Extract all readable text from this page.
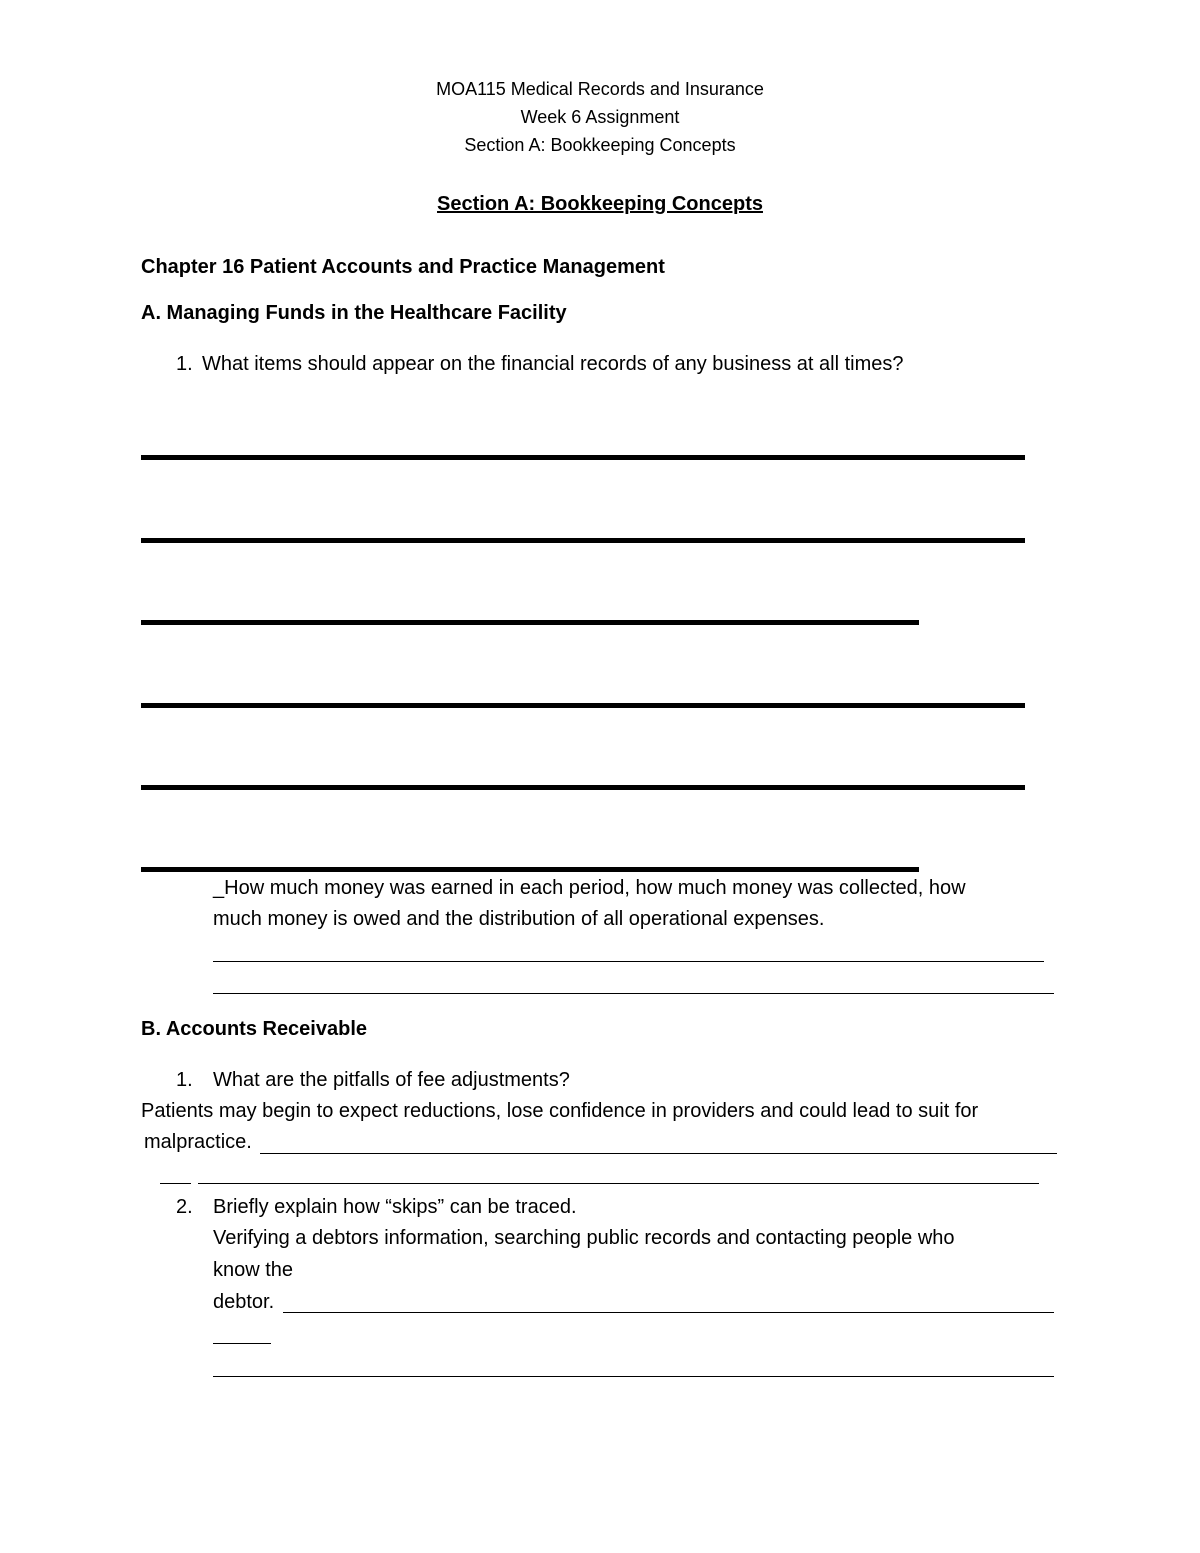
MOA115 Medical Records and Insurance

Week 6 Assignment

Section A: Bookkeeping Concepts

Section A: Bookkeeping Concepts

Chapter 16 Patient Accounts and Practice Management

A. Managing Funds in the Healthcare Facility

1. What items should appear on the financial records of any business at all times?

_How much money was earned in each period, how much money was collected, how

much money is owed and the distribution of all operational expenses.

B. Accounts Receivable

1. What are the pitfalls of fee adjustments?

Patients may begin to expect reductions, lose confidence in providers and could lead to suit for

malpractice.

2. Briefly explain how “skips” can be traced.

Verifying a debtors information, searching public records and contacting people who

know the

debtor.
